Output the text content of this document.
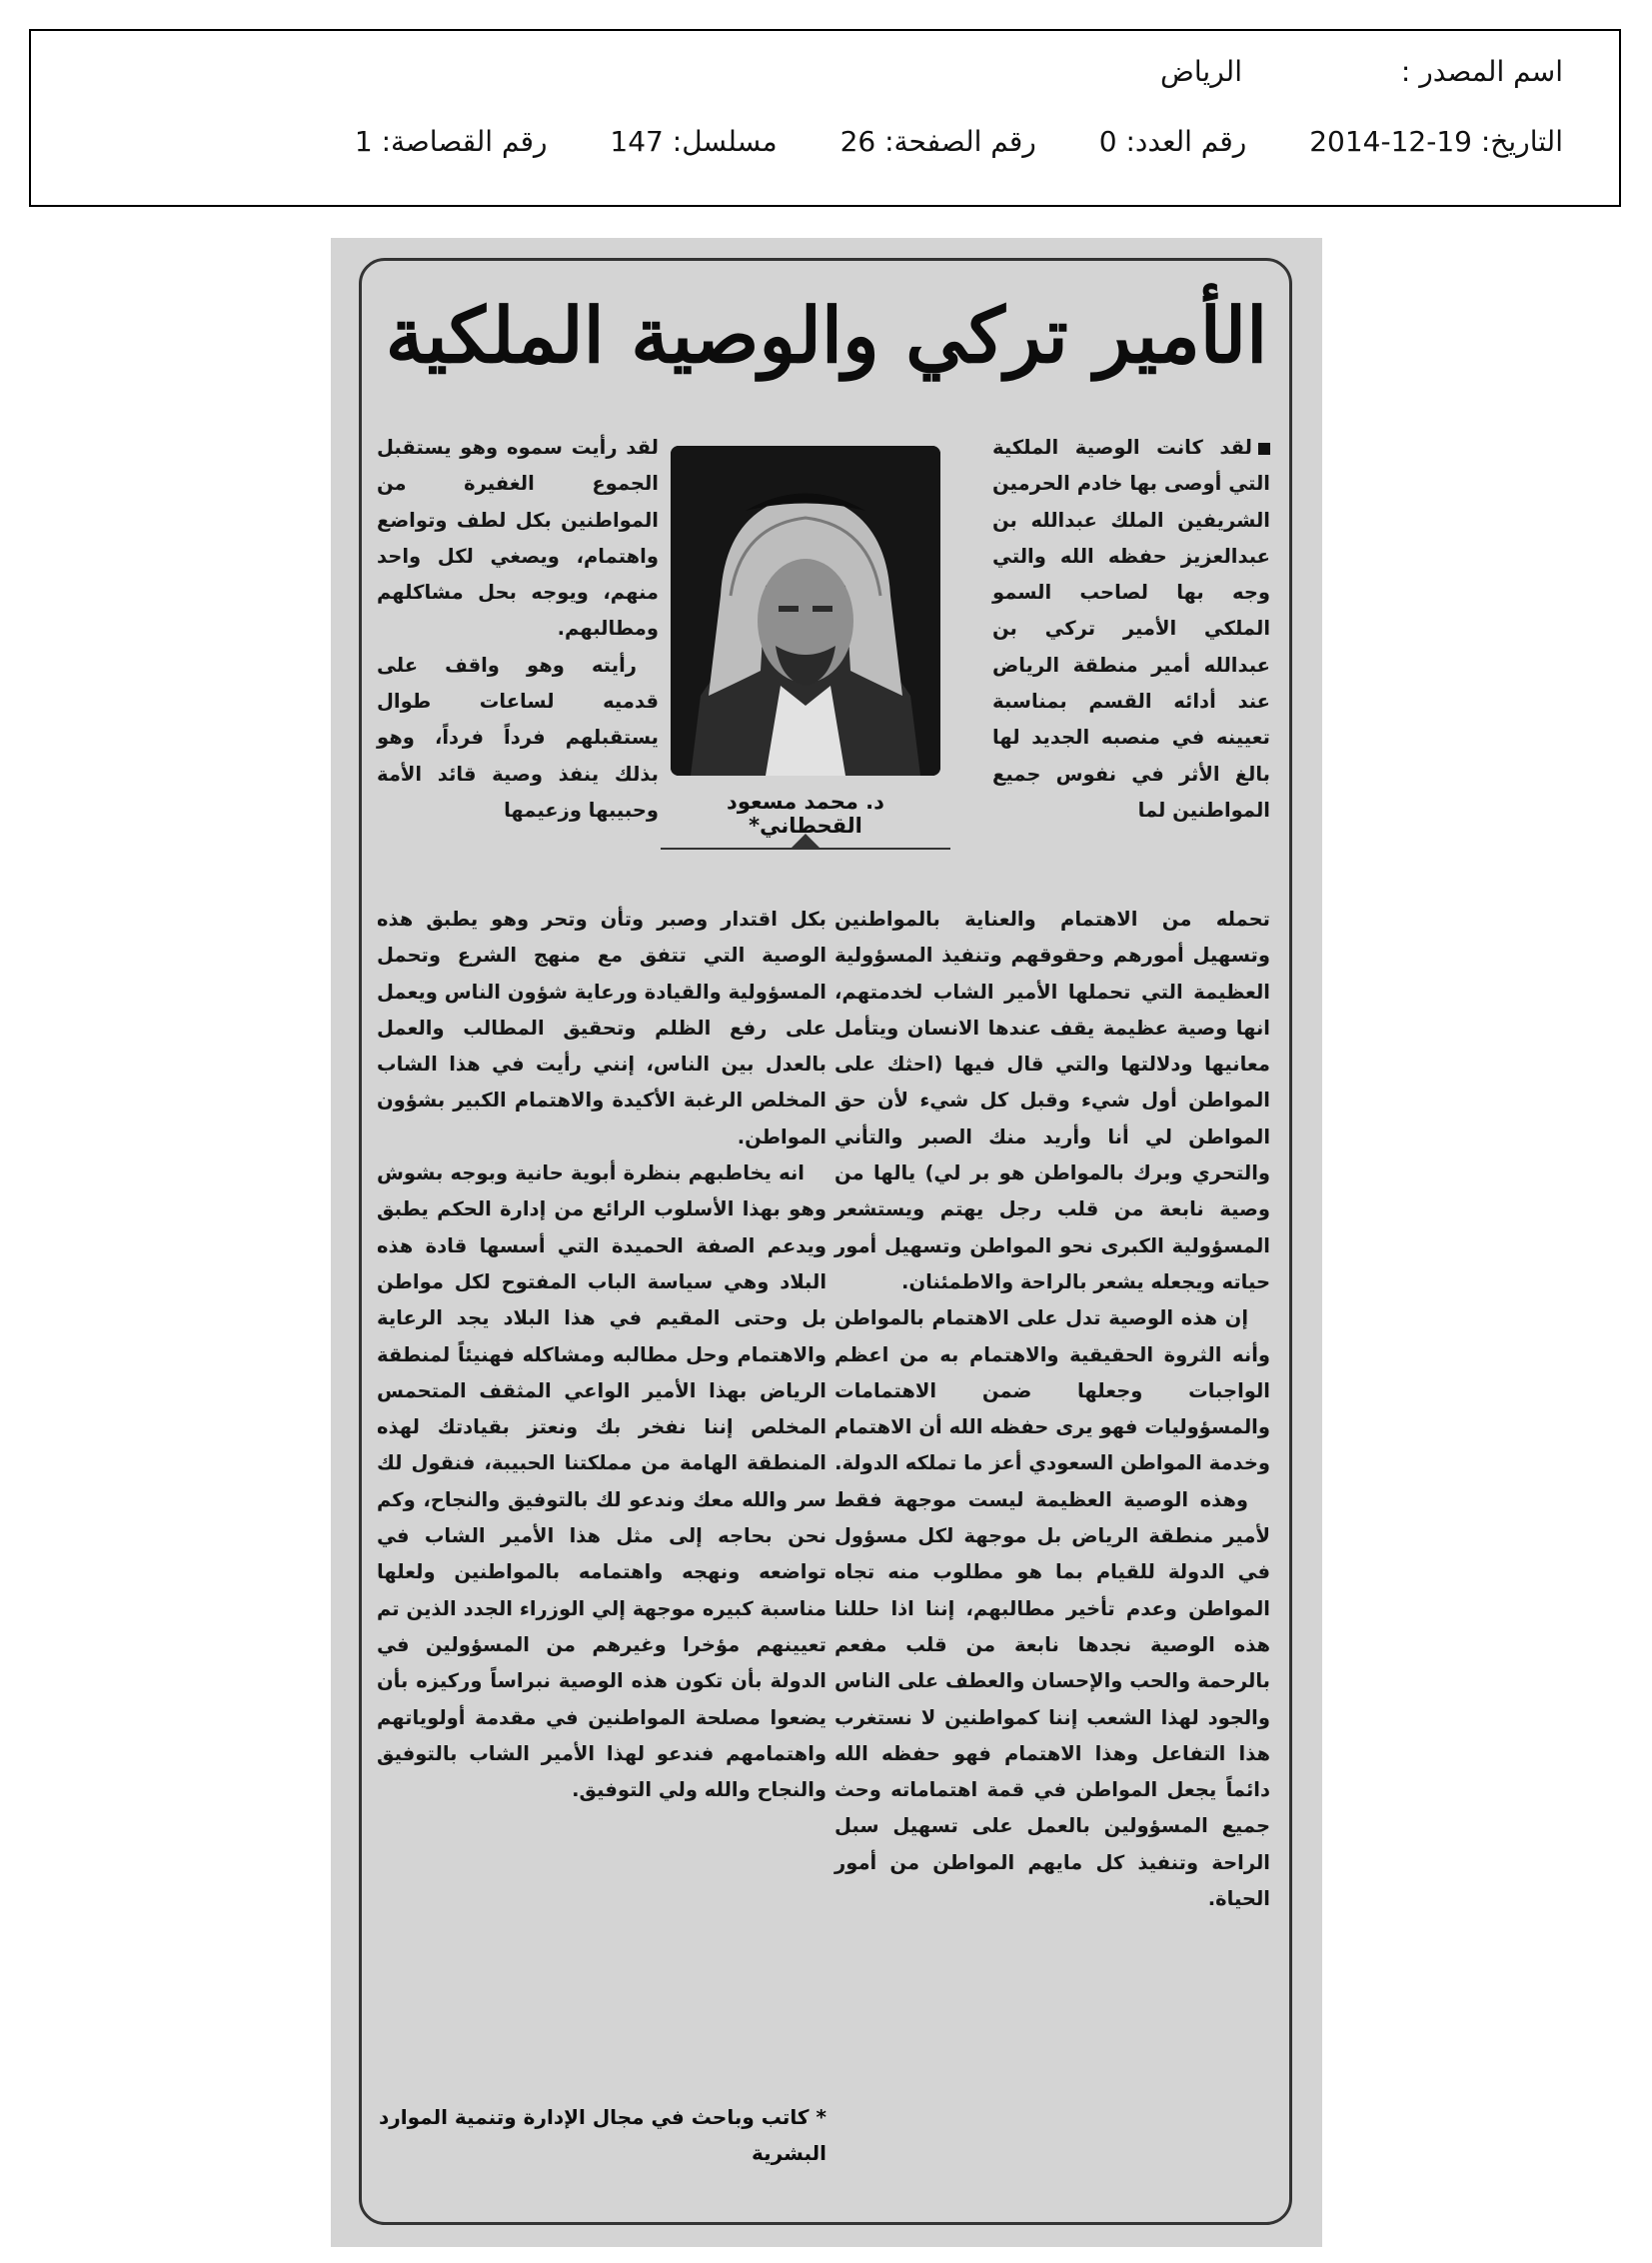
اسم المصدر : الرياض
التاريخ: 2014-12-19 رقم العدد: 0 رقم الصفحة: 26 مسلسل: 147 رقم القصاصة: 1
الأمير تركي والوصية الملكية

لقد كانت الوصية الملكية التي أوصى بها خادم الحرمين الشريفين الملك عبدالله بن عبدالعزيز حفظه الله والتي وجه بها لصاحب السمو الملكي الأمير تركي بن عبدالله أمير منطقة الرياض عند أدائه القسم بمناسبة تعيينه في منصبه الجديد لها بالغ الأثر في نفوس جميع المواطنين لما

د. محمد مسعود القحطاني*

لقد رأيت سموه وهو يستقبل الجموع الغفيرة من المواطنين بكل لطف وتواضع واهتمام، ويصغي لكل واحد منهم، ويوجه بحل مشاكلهم ومطالبهم.

رأيته وهو واقف على قدميه لساعات طوال يستقبلهم فرداً فرداً، وهو بذلك ينفذ وصية قائد الأمة وحبيبها وزعيمها

تحمله من الاهتمام والعناية بالمواطنين وتسهيل أمورهم وحقوقهم وتنفيذ المسؤولية العظيمة التي تحملها الأمير الشاب لخدمتهم، انها وصية عظيمة يقف عندها الانسان ويتأمل معانيها ودلالتها والتي قال فيها (احثك على المواطن أول شيء وقبل كل شيء لأن حق المواطن لي أنا وأريد منك الصبر والتأني والتحري وبرك بالمواطن هو بر لي) يالها من وصية نابعة من قلب رجل يهتم ويستشعر المسؤولية الكبرى نحو المواطن وتسهيل أمور حياته ويجعله يشعر بالراحة والاطمئنان.

إن هذه الوصية تدل على الاهتمام بالمواطن وأنه الثروة الحقيقية والاهتمام به من اعظم الواجبات وجعلها ضمن الاهتمامات والمسؤوليات فهو يرى حفظه الله أن الاهتمام وخدمة المواطن السعودي أعز ما تملكه الدولة.

وهذه الوصية العظيمة ليست موجهة فقط لأمير منطقة الرياض بل موجهة لكل مسؤول في الدولة للقيام بما هو مطلوب منه تجاه المواطن وعدم تأخير مطالبهم، إننا اذا حللنا هذه الوصية نجدها نابعة من قلب مفعم بالرحمة والحب والإحسان والعطف على الناس والجود لهذا الشعب إننا كمواطنين لا نستغرب هذا التفاعل وهذا الاهتمام فهو حفظه الله دائماً يجعل المواطن في قمة اهتماماته وحث جميع المسؤولين بالعمل على تسهيل سبل الراحة وتنفيذ كل مايهم المواطن من أمور الحياة.

بكل اقتدار وصبر وتأن وتحر وهو يطبق هذه الوصية التي تتفق مع منهج الشرع وتحمل المسؤولية والقيادة ورعاية شؤون الناس ويعمل على رفع الظلم وتحقيق المطالب والعمل بالعدل بين الناس، إنني رأيت في هذا الشاب المخلص الرغبة الأكيدة والاهتمام الكبير بشؤون المواطن.

انه يخاطبهم بنظرة أبوية حانية وبوجه بشوش وهو بهذا الأسلوب الرائع من إدارة الحكم يطبق ويدعم الصفة الحميدة التي أسسها قادة هذه البلاد وهي سياسة الباب المفتوح لكل مواطن بل وحتى المقيم في هذا البلاد يجد الرعاية والاهتمام وحل مطالبه ومشاكله فهنيئاً لمنطقة الرياض بهذا الأمير الواعي المثقف المتحمس المخلص إننا نفخر بك ونعتز بقيادتك لهذه المنطقة الهامة من مملكتنا الحبيبة، فنقول لك سر والله معك وندعو لك بالتوفيق والنجاح، وكم نحن بحاجه إلى مثل هذا الأمير الشاب في تواضعه ونهجه واهتمامه بالمواطنين ولعلها مناسبة كبيره موجهة إلي الوزراء الجدد الذين تم تعيينهم مؤخرا وغيرهم من المسؤولين في الدولة بأن تكون هذه الوصية نبراساً وركيزه بأن يضعوا مصلحة المواطنين في مقدمة أولوياتهم واهتمامهم فندعو لهذا الأمير الشاب بالتوفيق والنجاح والله ولي التوفيق.

* كاتب وباحث في مجال الإدارة وتنمية الموارد البشرية
